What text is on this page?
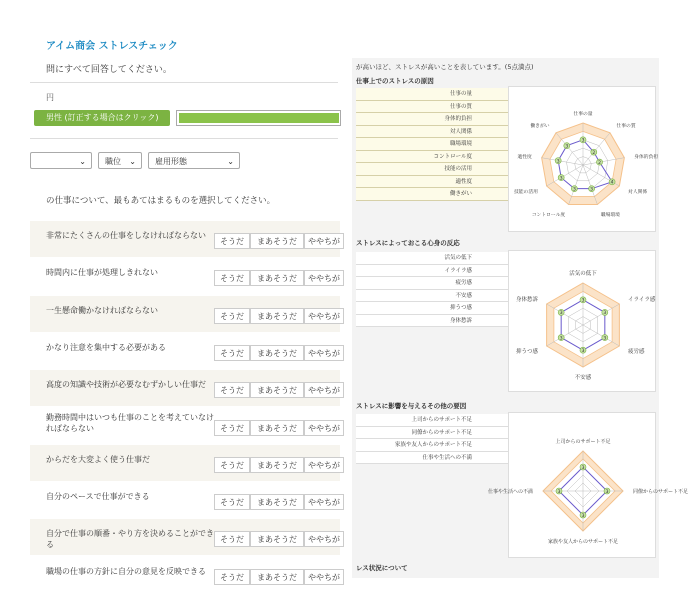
アイム商会 ストレスチェック
問にすべて回答してください。
円
男性 (訂正する場合はクリック)
⌄	職位 ⌄	雇用形態	⌄
の仕事について、最もあてはまるものを選択してください。
非常にたくさんの仕事をしなければならない
そうだ	まあそうだ	ややちが
時間内に仕事が処理しきれない
そうだ	まあそうだ	ややちが
一生懸命働かなければならない
そうだ	まあそうだ	ややちが
かなり注意を集中する必要がある
そうだ	まあそうだ	ややちが
高度の知識や技術が必要なむずかしい仕事だ
そうだ	まあそうだ	ややちが
勤務時間中はいつも仕事のことを考えていなければならない	そうだ	まあそうだ	ややちが
からだを大変よく使う仕事だ
そうだ	まあそうだ	ややちが
自分のペースで仕事ができる
そうだ	まあそうだ	ややちが
自分で仕事の順番・やり方を決めることができる
そうだ	まあそうだ	ややちが
職場の仕事の方針に自分の意見を反映できる
そうだ	まあそうだ	ややちが
が高いほど、ストレスが高いことを表しています。(5点満点)
仕事上でのストレスの原因
仕事の量
仕事の質
身体的負担
対人関係
職場環境
コントロール度
技能の活用
適性度
働きがい
3
2
2
4
3
3
3
3
3
仕事の量
仕事の質
身体的負担
対人関係
職場環境
コントロール度
技能の活用
適性度
働きがい
ストレスによっておこる心身の反応
活気の低下
イライラ感
疲労感
不安感
抑うつ感
身体愁訴
3
3
3
3
3
3
活気の低下
イライラ感
疲労感
不安感
抑うつ感
身体愁訴
ストレスに影響を与えるその他の要因
上司からのサポート不足
同僚からのサポート不足
家族や友人からのサポート不足
仕事や生活への不満
3
3
3
3
上司からのサポート不足
同僚からのサポート不足
家族や友人からのサポート不足
仕事や生活への不満
レス状況について
